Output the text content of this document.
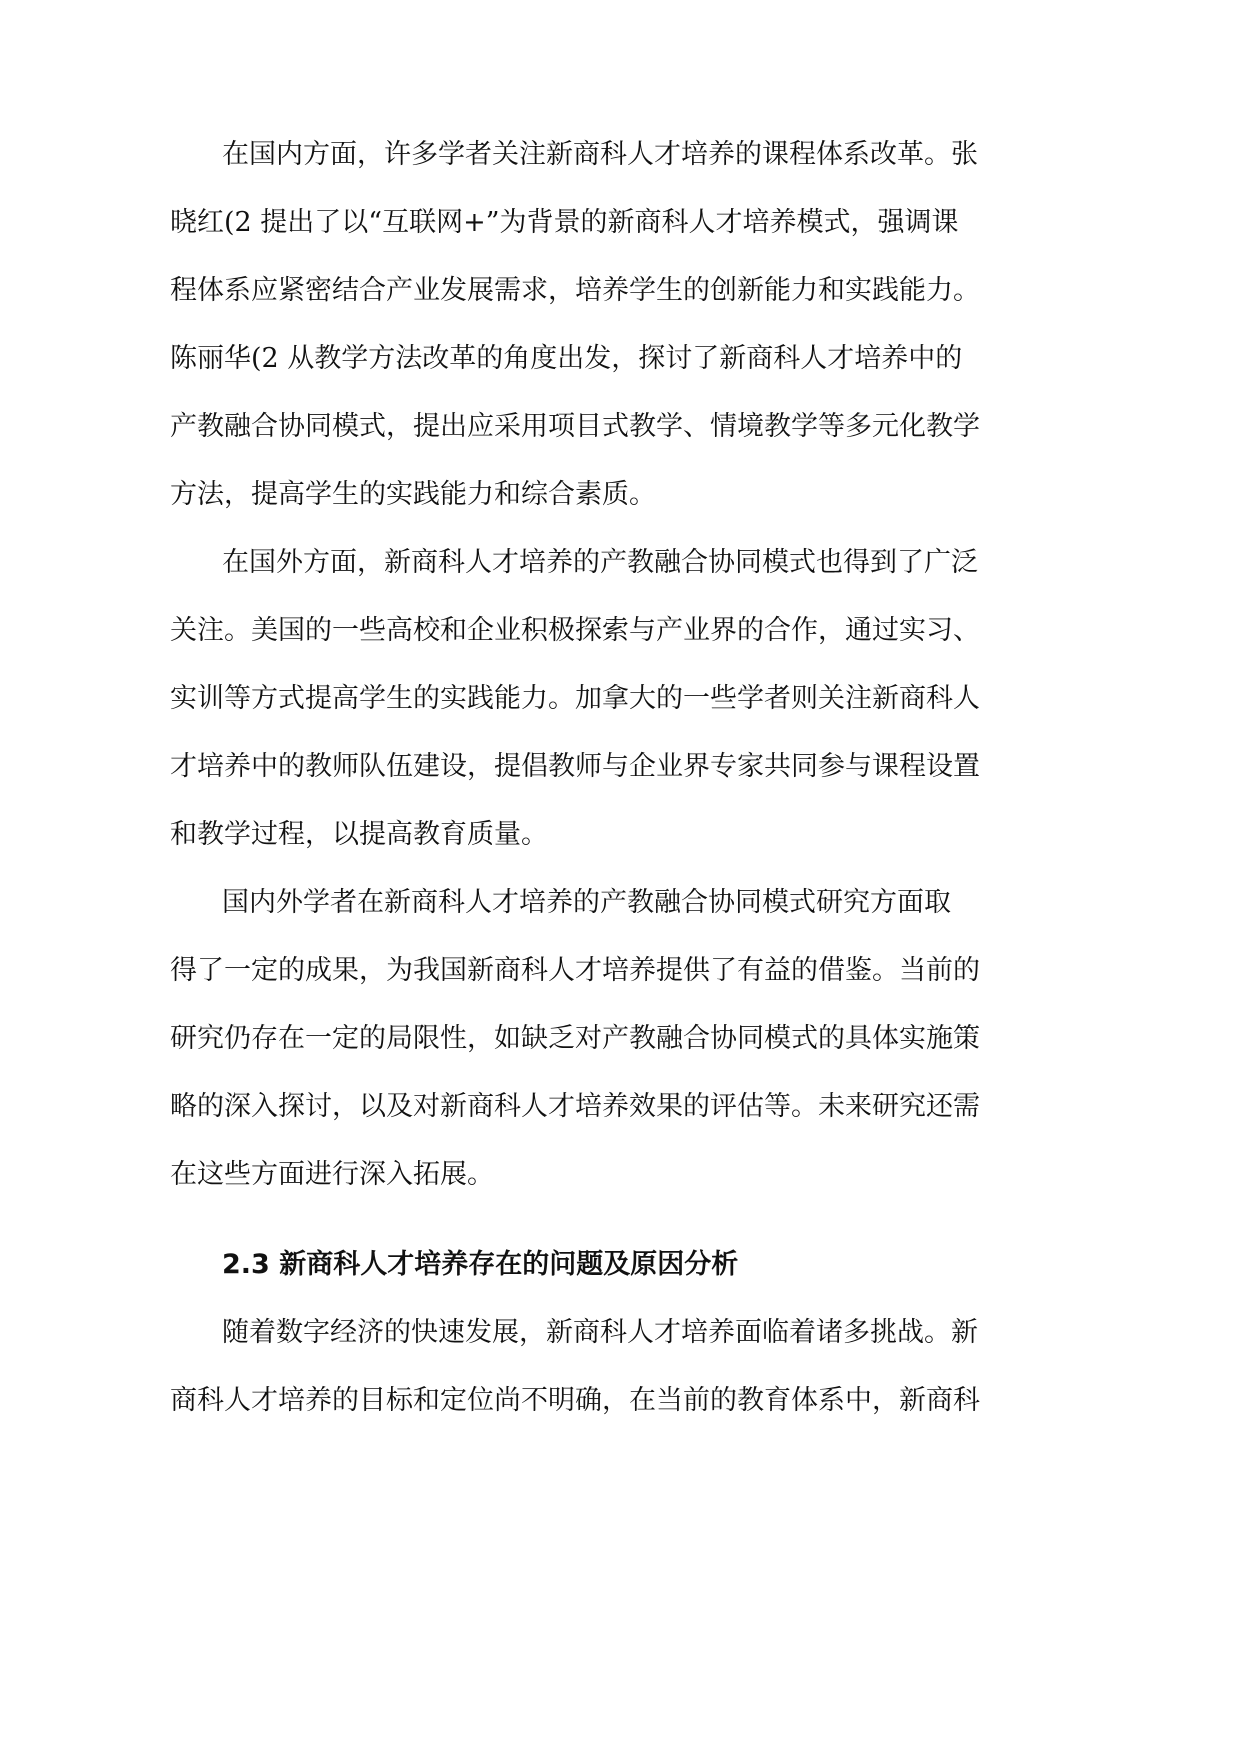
在国内方面，许多学者关注新商科人才培养的课程体系改革。张
晓红(2 提出了以“互联网+”为背景的新商科人才培养模式，强调课
程体系应紧密结合产业发展需求，培养学生的创新能力和实践能力。
陈丽华(2 从教学方法改革的角度出发，探讨了新商科人才培养中的
产教融合协同模式，提出应采用项目式教学、情境教学等多元化教学
方法，提高学生的实践能力和综合素质。
在国外方面，新商科人才培养的产教融合协同模式也得到了广泛
关注。美国的一些高校和企业积极探索与产业界的合作，通过实习、
实训等方式提高学生的实践能力。加拿大的一些学者则关注新商科人
才培养中的教师队伍建设，提倡教师与企业界专家共同参与课程设置
和教学过程，以提高教育质量。
国内外学者在新商科人才培养的产教融合协同模式研究方面取
得了一定的成果，为我国新商科人才培养提供了有益的借鉴。当前的
研究仍存在一定的局限性，如缺乏对产教融合协同模式的具体实施策
略的深入探讨，以及对新商科人才培养效果的评估等。未来研究还需
在这些方面进行深入拓展。
2.3 新商科人才培养存在的问题及原因分析
随着数字经济的快速发展，新商科人才培养面临着诸多挑战。新
商科人才培养的目标和定位尚不明确，在当前的教育体系中，新商科
